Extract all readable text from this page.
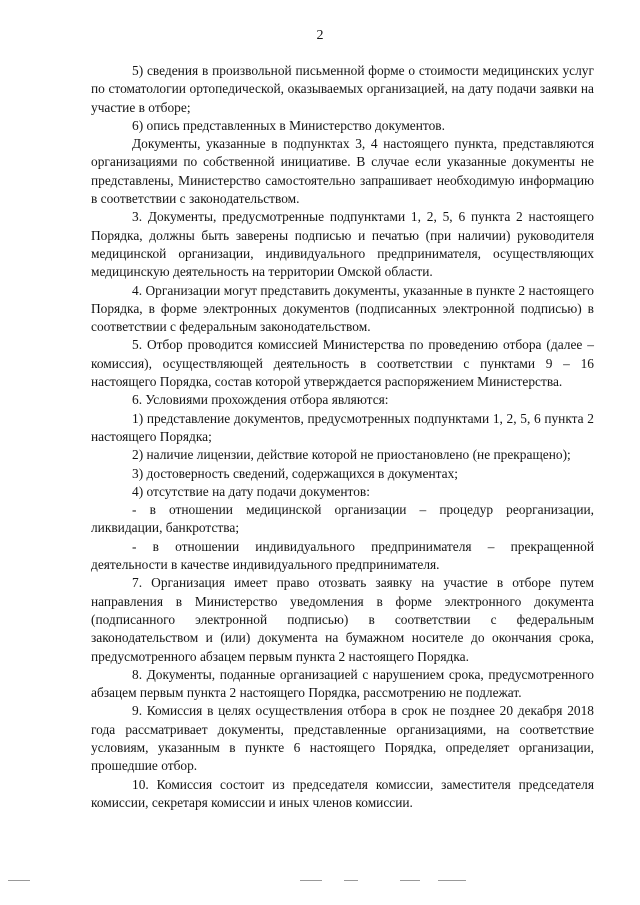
2

5) сведения в произвольной письменной форме о стоимости медицинских услуг по стоматологии ортопедической, оказываемых организацией, на дату подачи заявки на участие в отборе;

6) опись представленных в Министерство документов.

Документы, указанные в подпунктах 3, 4 настоящего пункта, представляются организациями по собственной инициативе. В случае если указанные документы не представлены, Министерство самостоятельно запрашивает необходимую информацию в соответствии с законодательством.

3. Документы, предусмотренные подпунктами 1, 2, 5, 6 пункта 2 настоящего Порядка, должны быть заверены подписью и печатью (при наличии) руководителя медицинской организации, индивидуального предпринимателя, осуществляющих медицинскую деятельность на территории Омской области.

4. Организации могут представить документы, указанные в пункте 2 настоящего Порядка, в форме электронных документов (подписанных электронной подписью) в соответствии с федеральным законодательством.

5. Отбор проводится комиссией Министерства по проведению отбора (далее – комиссия), осуществляющей деятельность в соответствии с пунктами 9 – 16 настоящего Порядка, состав которой утверждается распоряжением Министерства.

6. Условиями прохождения отбора являются:

1) представление документов, предусмотренных подпунктами 1, 2, 5, 6 пункта 2 настоящего Порядка;

2) наличие лицензии, действие которой не приостановлено (не прекращено);

3) достоверность сведений, содержащихся в документах;

4) отсутствие на дату подачи документов:

- в отношении медицинской организации – процедур реорганизации, ликвидации, банкротства;

- в отношении индивидуального предпринимателя – прекращенной деятельности в качестве индивидуального предпринимателя.

7. Организация имеет право отозвать заявку на участие в отборе путем направления в Министерство уведомления в форме электронного документа (подписанного электронной подписью) в соответствии с федеральным законодательством и (или) документа на бумажном носителе до окончания срока, предусмотренного абзацем первым пункта 2 настоящего Порядка.

8. Документы, поданные организацией с нарушением срока, предусмотренного абзацем первым пункта 2 настоящего Порядка, рассмотрению не подлежат.

9. Комиссия в целях осуществления отбора в срок не позднее 20 декабря 2018 года рассматривает документы, представленные организациями, на соответствие условиям, указанным в пункте 6 настоящего Порядка, определяет организации, прошедшие отбор.

10. Комиссия состоит из председателя комиссии, заместителя председателя комиссии, секретаря комиссии и иных членов комиссии.
